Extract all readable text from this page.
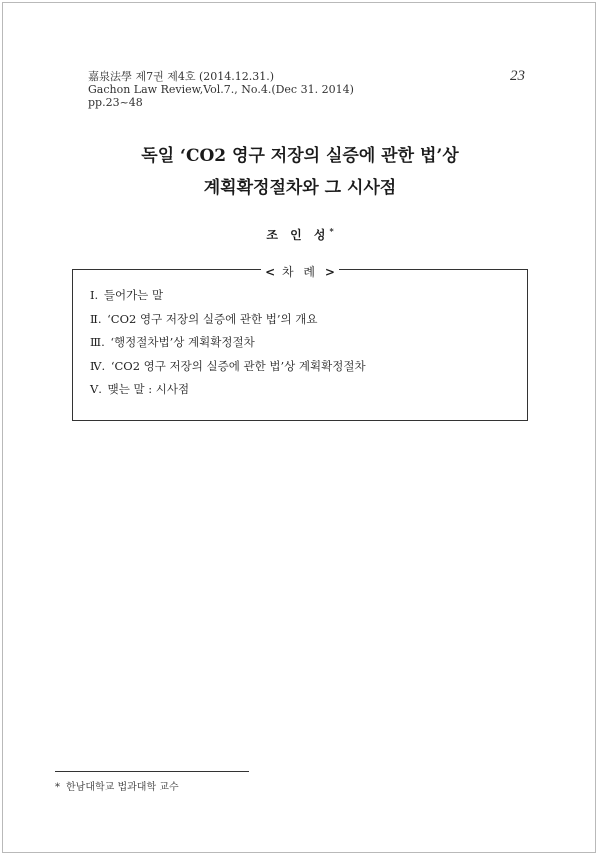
嘉泉法學 제7권 제4호 (2014.12.31.)
Gachon Law Review,Vol.7., No.4.(Dec 31. 2014)
pp.23~48
23
독일 ‘CO2 영구 저장의 실증에 관한 법’상
계획확정절차와 그 시사점
조 인 성*
< 차 례 >
Ⅰ. 들어가는 말
Ⅱ. ‘CO2 영구 저장의 실증에 관한 법’의 개요
Ⅲ. ‘행정절차법’상 계획확정절차
Ⅳ. ‘CO2 영구 저장의 실증에 관한 법’상 계획확정절차
Ⅴ. 맺는 말 : 시사점
* 한남대학교 법과대학 교수
